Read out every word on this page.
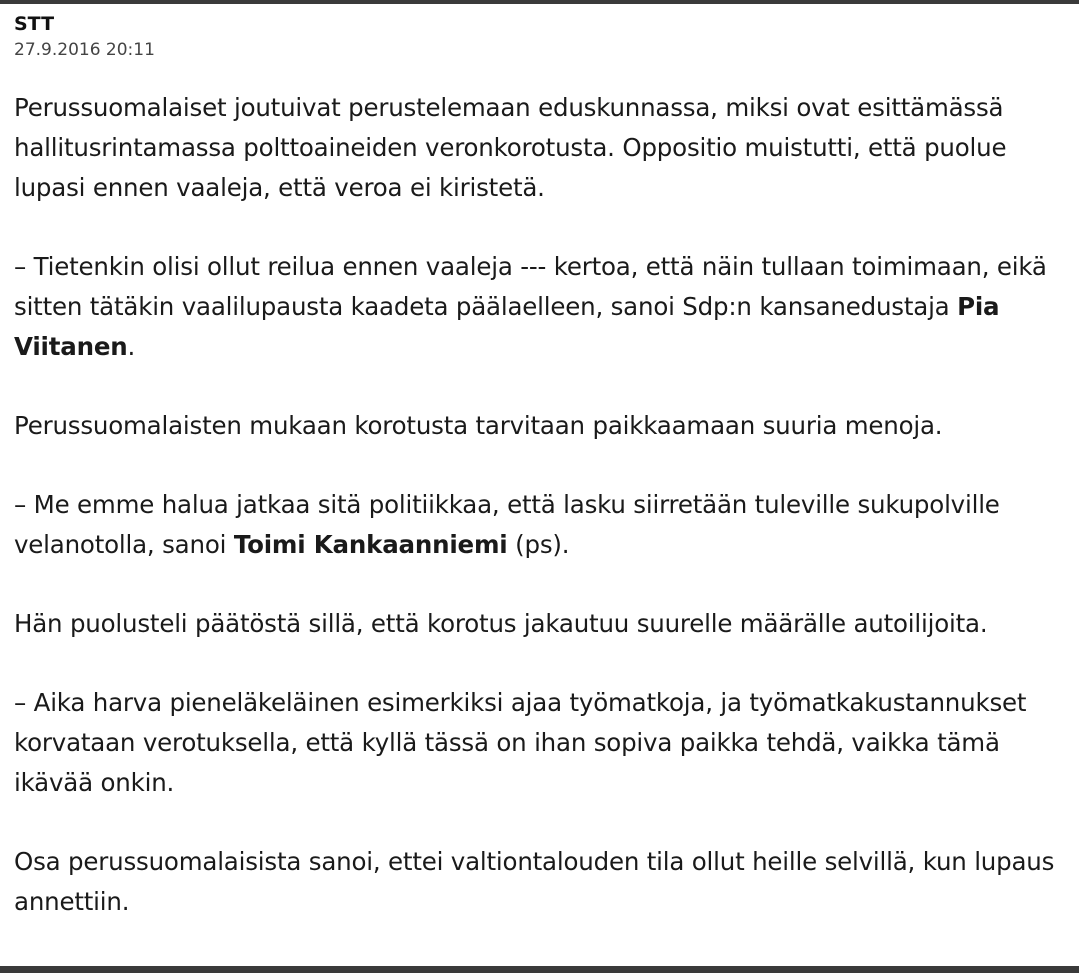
STT

27.9.2016 20:11

Perussuomalaiset joutuivat perustelemaan eduskunnassa, miksi ovat esittämässä hallitusrintamassa polttoaineiden veronkorotusta. Oppositio muistutti, että puolue lupasi ennen vaaleja, että veroa ei kiristetä.

– Tietenkin olisi ollut reilua ennen vaaleja --- kertoa, että näin tullaan toimimaan, eikä sitten tätäkin vaalilupausta kaadeta päälaelleen, sanoi Sdp:n kansanedustaja Pia Viitanen.

Perussuomalaisten mukaan korotusta tarvitaan paikkaamaan suuria menoja.

– Me emme halua jatkaa sitä politiikkaa, että lasku siirretään tuleville sukupolville velanotolla, sanoi Toimi Kankaanniemi (ps).

Hän puolusteli päätöstä sillä, että korotus jakautuu suurelle määrälle autoilijoita.

– Aika harva pieneläkeläinen esimerkiksi ajaa työmatkoja, ja työmatkakustannukset korvataan verotuksella, että kyllä tässä on ihan sopiva paikka tehdä, vaikka tämä ikävää onkin.

Osa perussuomalaisista sanoi, ettei valtiontalouden tila ollut heille selvillä, kun lupaus annettiin.
